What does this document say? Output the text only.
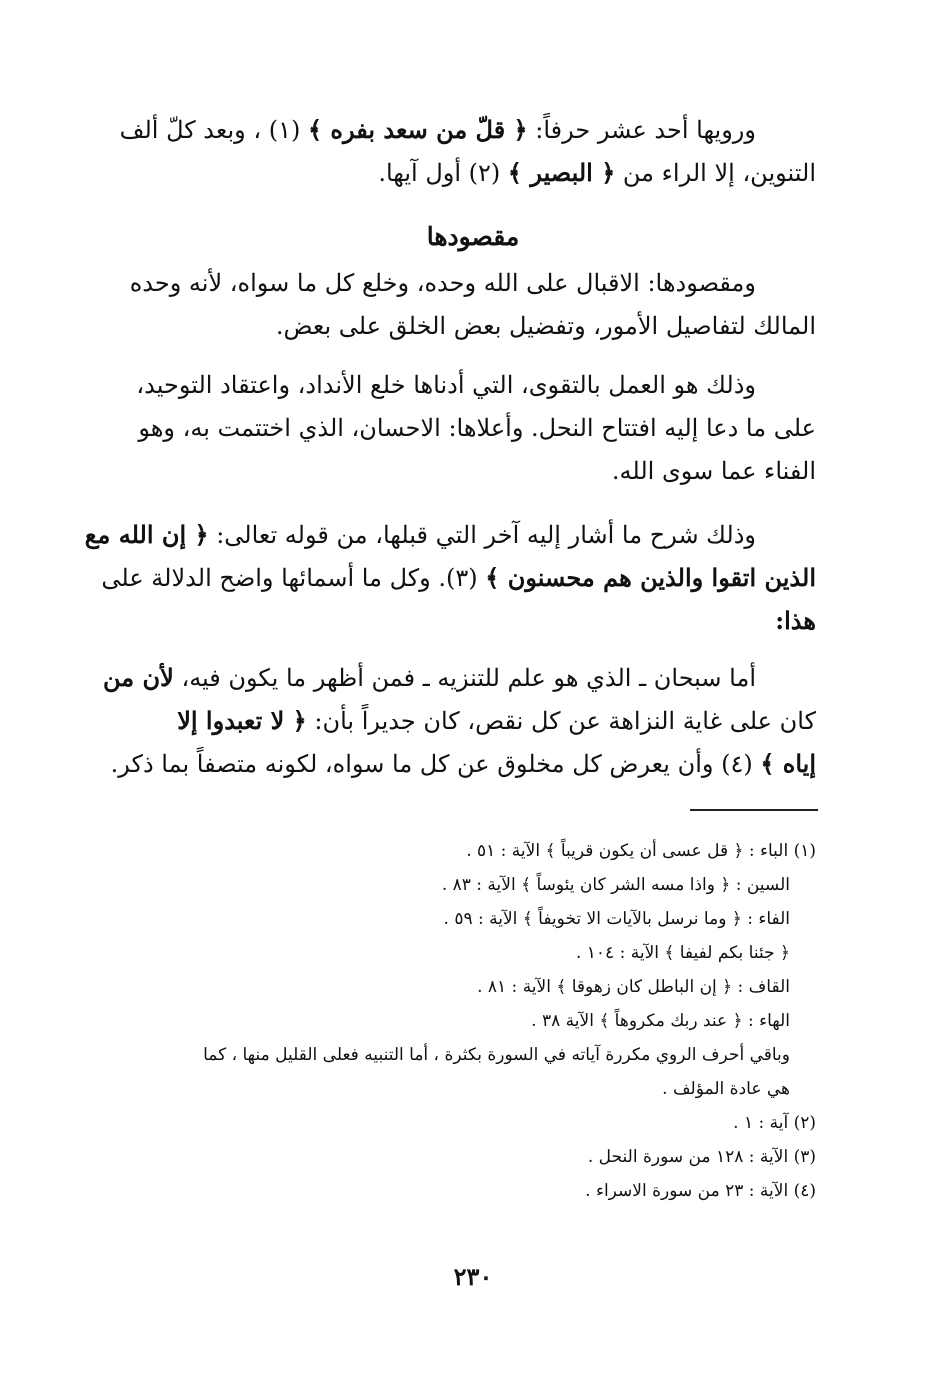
ورويها أحد عشر حرفاً: ﴿ قلّ من سعد بفره ﴾ (١) ، وبعد كلّ ألف
التنوين، إلا الراء من ﴿ البصير ﴾ (٢) أول آيها.
مقصودها
ومقصودها: الاقبال على الله وحده، وخلع كل ما سواه، لأنه وحده
المالك لتفاصيل الأمور، وتفضيل بعض الخلق على بعض.
وذلك هو العمل بالتقوى، التي أدناها خلع الأنداد، واعتقاد التوحيد،
على ما دعا إليه افتتاح النحل. وأعلاها: الاحسان، الذي اختتمت به، وهو
الفناء عما سوى الله.
وذلك شرح ما أشار إليه آخر التي قبلها، من قوله تعالى: ﴿ إن الله مع
الذين اتقوا والذين هم محسنون ﴾ (٣). وكل ما أسمائها واضح الدلالة على
هذا:
أما سبحان ـ الذي هو علم للتنزيه ـ فمن أظهر ما يكون فيه، لأن من
كان على غاية النزاهة عن كل نقص، كان جديراً بأن: ﴿ لا تعبدوا إلا
إياه ﴾ (٤) وأن يعرض كل مخلوق عن كل ما سواه، لكونه متصفاً بما ذكر.
(١) الباء : ﴿ قل عسى أن يكون قريباً ﴾ الآية : ٥١ .
السين : ﴿ واذا مسه الشر كان يئوساً ﴾ الآية : ٨٣ .
الفاء : ﴿ وما نرسل بالآيات الا تخويفاً ﴾ الآية : ٥٩ .
﴿ جئنا بكم لفيفا ﴾ الآية : ١٠٤ .
القاف : ﴿ إن الباطل كان زهوقا ﴾ الآية : ٨١ .
الهاء : ﴿ عند ربك مكروهاً ﴾ الآية ٣٨ .
وباقي أحرف الروي مكررة آياته في السورة بكثرة ، أما التنبيه فعلى القليل منها ، كما
هي عادة المؤلف .
(٢) آية : ١ .
(٣) الآية : ١٢٨ من سورة النحل .
(٤) الآية : ٢٣ من سورة الاسراء .
٢٣٠
